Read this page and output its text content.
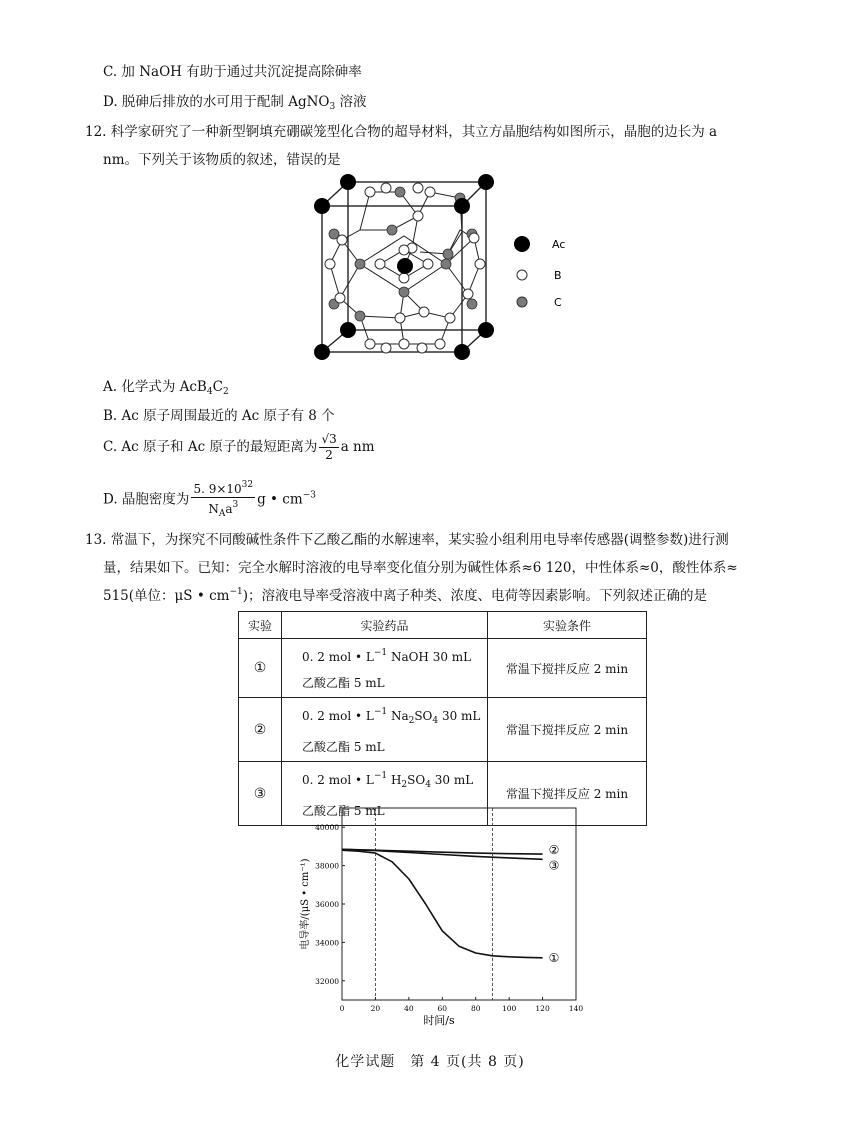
C. 加 NaOH 有助于通过共沉淀提高除砷率
D. 脱砷后排放的水可用于配制 AgNO$_3$ 溶液
12. 科学家研究了一种新型锕填充硼碳笼型化合物的超导材料，其立方晶胞结构如图所示，晶胞的边长为 a
nm。下列关于该物质的叙述，错误的是
Ac
B
C
A. 化学式为 $AcB_4C_2$
B. Ac 原子周围最近的 Ac 原子有 8 个
C. Ac 原子和 Ac 原子的最短距离为 $\frac{√3}{2}$ a nm
D. 晶胞密度为 $\frac{5. 9\times 10^{32}}{N_Aa^3}$ g • $cm^{-3}$
13. 常温下，为探究不同酸碱性条件下乙酸乙酯的水解速率，某实验小组利用电导率传感器(调整参数)进行测
量，结果如下。已知：完全水解时溶液的电导率变化值分别为碱性体系≈6 120，中性体系≈0，酸性体系≈
515(单位：μS • $cm^{-1}$)；溶液电导率受溶液中离子种类、浓度、电荷等因素影响。下列叙述正确的是
实验	实验药品	实验条件
①	0. 2 mol • $L^{-1}$ NaOH 30 mL
乙酸乙酯 5 mL	常温下搅拌反应 2 min
②	0. 2 mol • $L^{-1}$ $Na_2SO_4$ 30 mL
乙酸乙酯 5 mL	常温下搅拌反应 2 min
③	0. 2 mol • $L^{-1}$ $H_2SO_4$ 30 mL
乙酸乙酯 5 mL	常温下搅拌反应 2 min
0	20	40	60	80	100	120	140
32000
34000
36000
38000
40000
时间/s
电导率/(μS • cm⁻¹)
①
②
③
化学试题　第 4 页(共 8 页)
